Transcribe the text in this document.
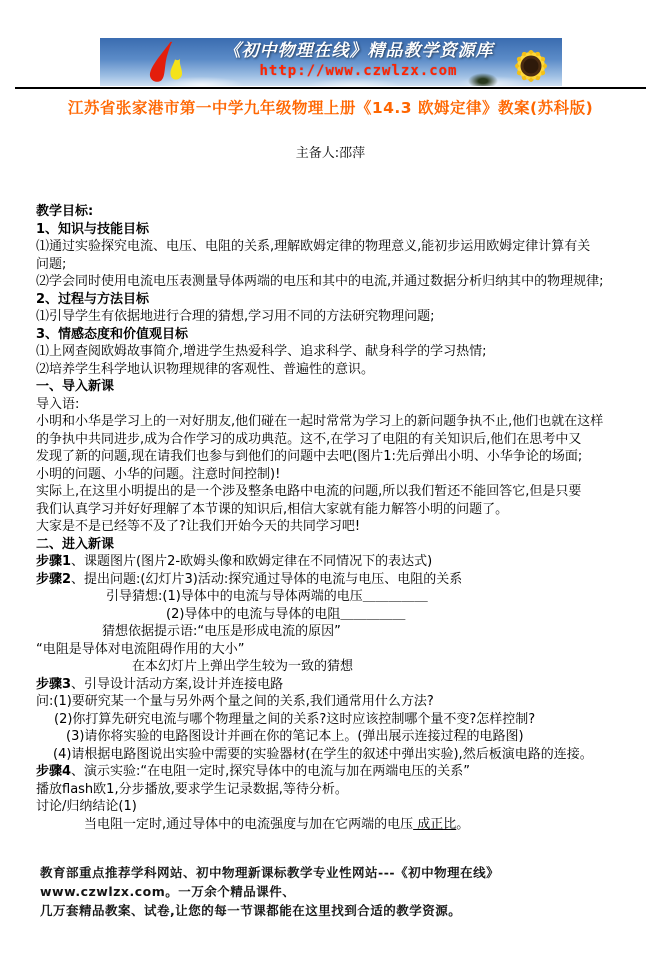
《初中物理在线》精品教学资源库
http://www.czwlzx.com
江苏省张家港市第一中学九年级物理上册《14.3 欧姆定律》教案(苏科版)
主备人:邵萍
教学目标:
1、知识与技能目标
⑴通过实验探究电流、电压、电阻的关系,理解欧姆定律的物理意义,能初步运用欧姆定律计算有关
问题;
⑵学会同时使用电流电压表测量导体两端的电压和其中的电流,并通过数据分析归纳其中的物理规律;
2、过程与方法目标
⑴引导学生有依据地进行合理的猜想,学习用不同的方法研究物理问题;
3、情感态度和价值观目标
⑴上网查阅欧姆故事简介,增进学生热爱科学、追求科学、献身科学的学习热情;
⑵培养学生科学地认识物理规律的客观性、普遍性的意识。
一、导入新课
导入语:
小明和小华是学习上的一对好朋友,他们碰在一起时常常为学习上的新问题争执不止,他们也就在这样
的争执中共同进步,成为合作学习的成功典范。这不,在学习了电阻的有关知识后,他们在思考中又
发现了新的问题,现在请我们也参与到他们的问题中去吧(图片1:先后弹出小明、小华争论的场面;
小明的问题、小华的问题。注意时间控制)!
实际上,在这里小明提出的是一个涉及整条电路中电流的问题,所以我们暂还不能回答它,但是只要
我们认真学习并好好理解了本节课的知识后,相信大家就有能力解答小明的问题了。
大家是不是已经等不及了?让我们开始今天的共同学习吧!
二、进入新课
步骤1、课题图片(图片2-欧姆头像和欧姆定律在不同情况下的表达式)
步骤2、提出问题:(幻灯片3)活动:探究通过导体的电流与电压、电阻的关系
引导猜想:(1)导体中的电流与导体两端的电压＿＿＿＿＿
(2)导体中的电流与导体的电阻＿＿＿＿＿
猜想依据提示语:“电压是形成电流的原因”
“电阻是导体对电流阻碍作用的大小”
在本幻灯片上弹出学生较为一致的猜想
步骤3、引导设计活动方案,设计并连接电路
问:(1)要研究某一个量与另外两个量之间的关系,我们通常用什么方法?
(2)你打算先研究电流与哪个物理量之间的关系?这时应该控制哪个量不变?怎样控制?
(3)请你将实验的电路图设计并画在你的笔记本上。(弹出展示连接过程的电路图)
(4)请根据电路图说出实验中需要的实验器材(在学生的叙述中弹出实验),然后板演电路的连接。
步骤4、演示实验:“在电阻一定时,探究导体中的电流与加在两端电压的关系”
播放flash欧1,分步播放,要求学生记录数据,等待分析。
讨论/归纳结论(1)
当电阻一定时,通过导体中的电流强度与加在它两端的电压 成正比。
教育部重点推荐学科网站、初中物理新课标教学专业性网站---《初中物理在线》www.czwlzx.com。一万余个精品课件、
几万套精品教案、试卷,让您的每一节课都能在这里找到合适的教学资源。
